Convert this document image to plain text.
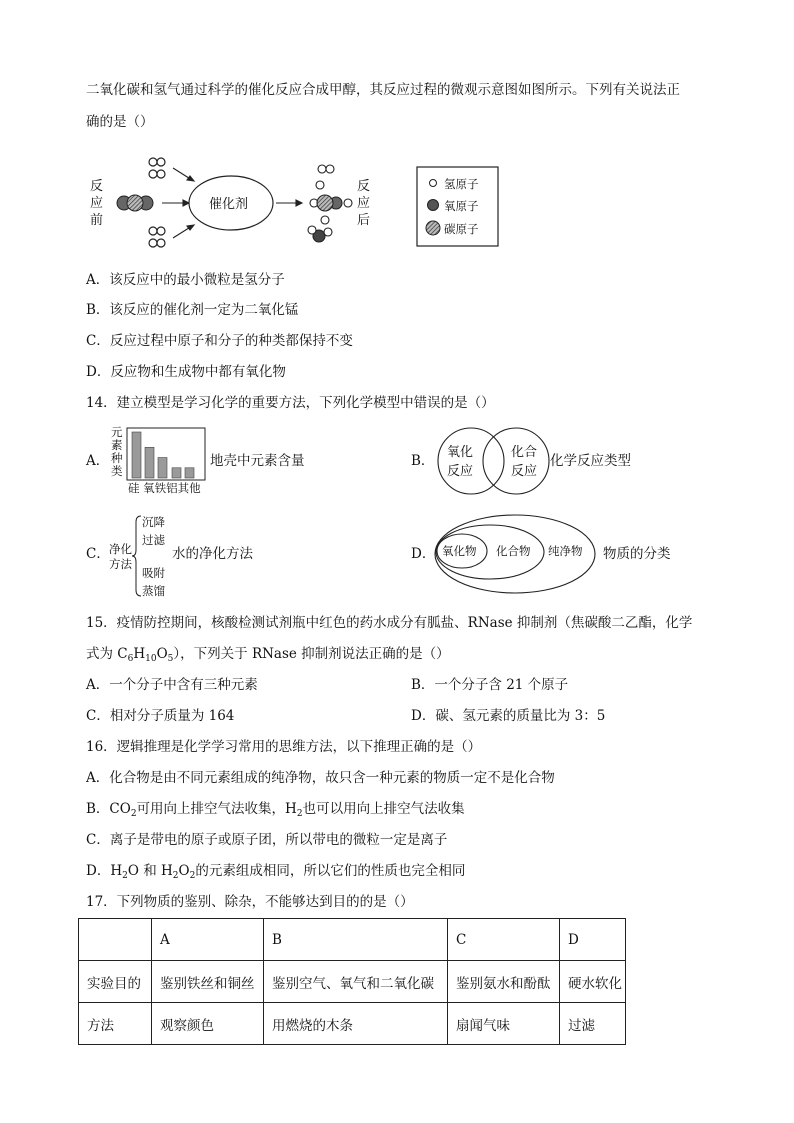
二氧化碳和氢气通过科学的催化反应合成甲醇，其反应过程的微观示意图如图所示。下列有关说法正
确的是（）
反
应
前
催化剂
反
应
后
氢原子
氧原子
碳原子
A．该反应中的最小微粒是氢分子
B．该反应的催化剂一定为二氧化锰
C．反应过程中原子和分子的种类都保持不变
D．反应物和生成物中都有氧化物
14．建立模型是学习化学的重要方法，下列化学模型中错误的是（）
A．
元
素
种
类
硅 氧铁铝其他
地壳中元素含量	B．
氧化
反应
化合
反应
化学反应类型
C． 净化
方法
沉降
过滤
吸附
蒸馏
水的净化方法	D． 氧化物 化合物 纯净物 物质的分类
15．疫情防控期间，核酸检测试剂瓶中红色的药水成分有胍盐、RNase 抑制剂（焦碳酸二乙酯，化学
式为 $C_6H_{10}O_5$），下列关于 RNase 抑制剂说法正确的是（）
A．一个分子中含有三种元素	B．一个分子含 21 个原子
C．相对分子质量为 164	D．碳、氢元素的质量比为 3：5
16．逻辑推理是化学学习常用的思维方法，以下推理正确的是（）
A．化合物是由不同元素组成的纯净物，故只含一种元素的物质一定不是化合物
B．$CO_2$可用向上排空气法收集，$H_2$也可以用向上排空气法收集
C．离子是带电的原子或原子团，所以带电的微粒一定是离子
D．$H_2O$ 和 $H_2O_2$的元素组成相同，所以它们的性质也完全相同
17．下列物质的鉴别、除杂，不能够达到目的的是（）
	A	B	C	D
实验目的	鉴别铁丝和铜丝	鉴别空气、氧气和二氧化碳	鉴别氨水和酚酞	硬水软化
方法	观察颜色	用燃烧的木条	扇闻气味	过滤
